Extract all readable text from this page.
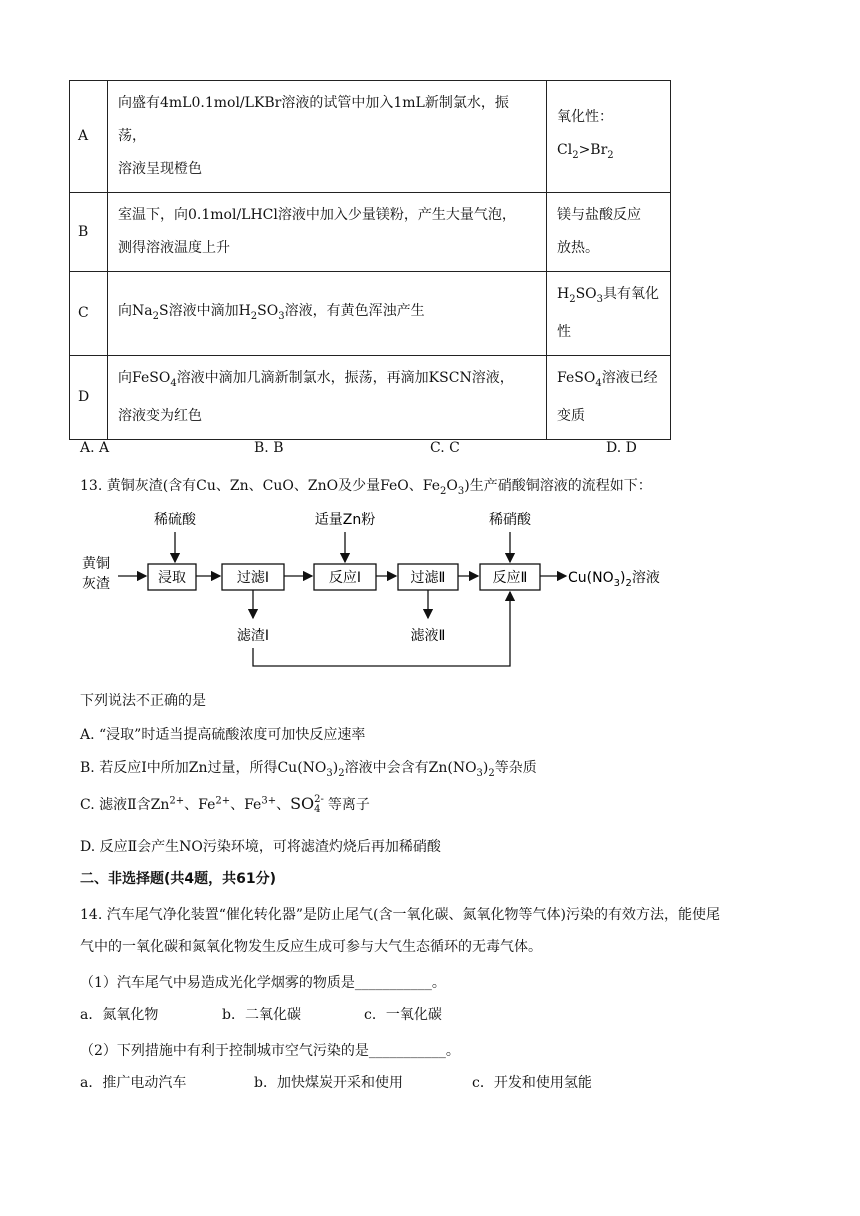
A	向盛有4mL0.1mol/LKBr溶液的试管中加入1mL新制氯水，振荡，
溶液呈现橙色	氧化性：$Cl_2>Br_2$
B	室温下，向0.1mol/LHCl溶液中加入少量镁粉，产生大量气泡，
测得溶液温度上升	镁与盐酸反应
放热。
C	向$Na_2S$溶液中滴加$H_2SO_3$溶液，有黄色浑浊产生	$H_2SO_3$具有氧化
性
D	向FeSO$_4$溶液中滴加几滴新制氯水，振荡，再滴加KSCN溶液，
溶液变为红色	FeSO$_4$溶液已经
变质
A. A	B. B	C. C	D. D
13. 黄铜灰渣(含有Cu、Zn、CuO、ZnO及少量FeO、$Fe_2O_3$)生产硝酸铜溶液的流程如下：
黄铜
灰渣	浸取
稀硫酸
过滤Ⅰ
滤渣Ⅰ
反应Ⅰ
适量Zn粉
过滤Ⅱ
滤液Ⅱ
反应Ⅱ
稀硝酸
$Cu(NO_3)_2$溶液
下列说法不正确的是
A. “浸取”时适当提高硫酸浓度可加快反应速率
B. 若反应Ⅰ中所加Zn过量，所得$Cu(NO_3)_2$溶液中会含有$Zn(NO_3)_2$等杂质
C. 滤液Ⅱ含$Zn^{2+}$、$Fe^{2+}$、$Fe^{3+}$、SO 2-
4 等离子
D. 反应Ⅱ会产生NO污染环境，可将滤渣灼烧后再加稀硝酸
二、非选择题(共4题，共61分)
14. 汽车尾气净化装置“催化转化器”是防止尾气(含一氧化碳、氮氧化物等气体)污染的有效方法，能使尾
气中的一氧化碳和氮氧化物发生反应生成可参与大气生态循环的无毒气体。
（1）汽车尾气中易造成光化学烟雾的物质是___________。
a．氮氧化物	b．二氧化碳	c．一氧化碳
（2）下列措施中有利于控制城市空气污染的是___________。
a．推广电动汽车	b．加快煤炭开采和使用	c．开发和使用氢能
